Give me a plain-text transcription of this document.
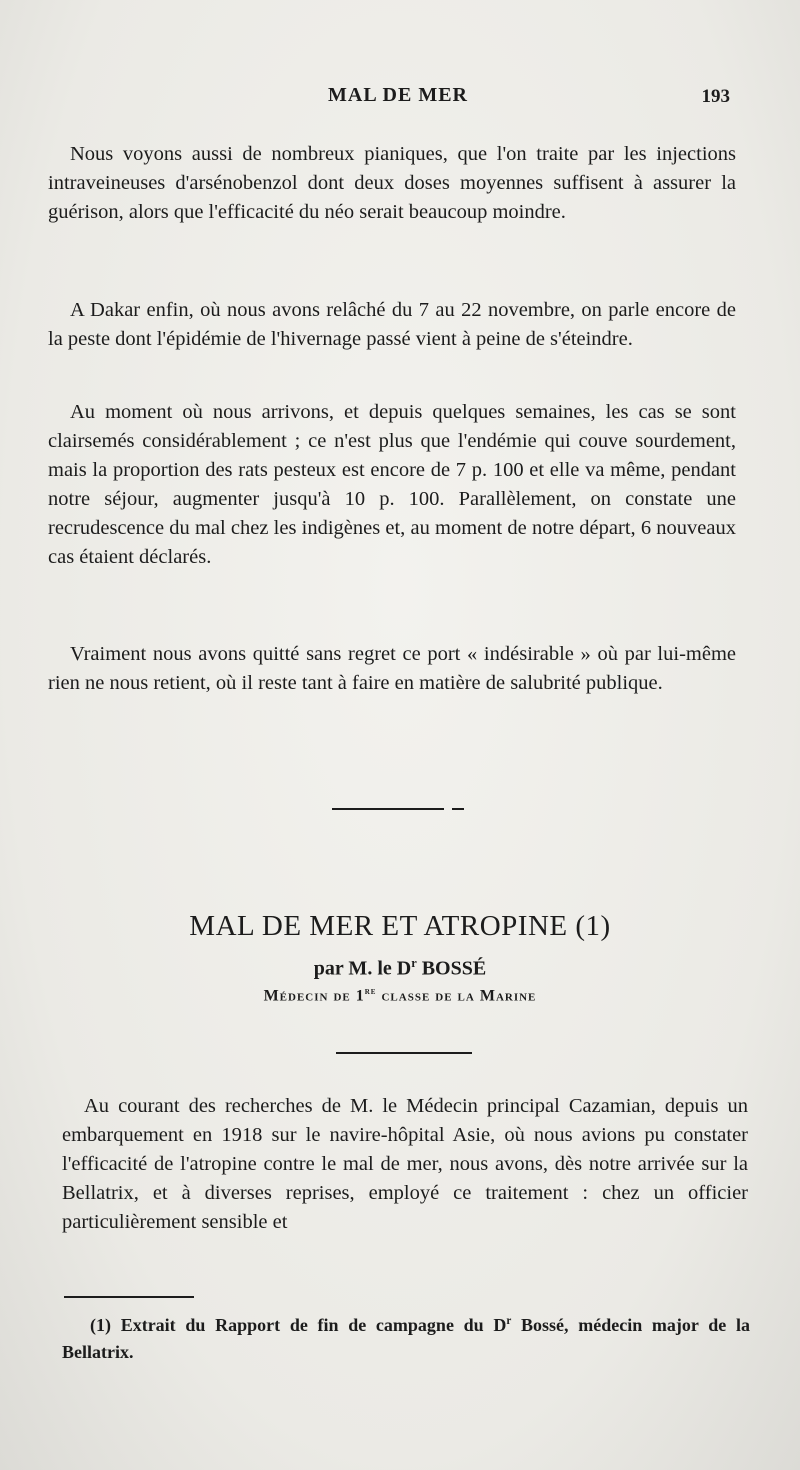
MAL DE MER	193

Nous voyons aussi de nombreux pianiques, que l'on traite par les injections intraveineuses d'arsénobenzol dont deux doses moyennes suffisent à assurer la guérison, alors que l'efficacité du néo serait beaucoup moindre.

A Dakar enfin, où nous avons relâché du 7 au 22 novembre, on parle encore de la peste dont l'épidémie de l'hivernage passé vient à peine de s'éteindre.

Au moment où nous arrivons, et depuis quelques semaines, les cas se sont clairsemés considérablement ; ce n'est plus que l'endémie qui couve sourdement, mais la proportion des rats pesteux est encore de 7 p. 100 et elle va même, pendant notre séjour, augmenter jusqu'à 10 p. 100. Parallèlement, on constate une recrudescence du mal chez les indigènes et, au moment de notre départ, 6 nouveaux cas étaient déclarés.

Vraiment nous avons quitté sans regret ce port « indésirable » où par lui-même rien ne nous retient, où il reste tant à faire en matière de salubrité publique.

MAL DE MER ET ATROPINE (1)
par M. le $D^r$ BOSSÉ
Médecin de 1re classe de la Marine

Au courant des recherches de M. le Médecin principal Cazamian, depuis un embarquement en 1918 sur le navire-hôpital Asie, où nous avions pu constater l'efficacité de l'atropine contre le mal de mer, nous avons, dès notre arrivée sur la Bellatrix, et à diverses reprises, employé ce traitement : chez un officier particulièrement sensible et

(1) Extrait du Rapport de fin de campagne du $D^r$ Bossé, médecin major de la Bellatrix.
